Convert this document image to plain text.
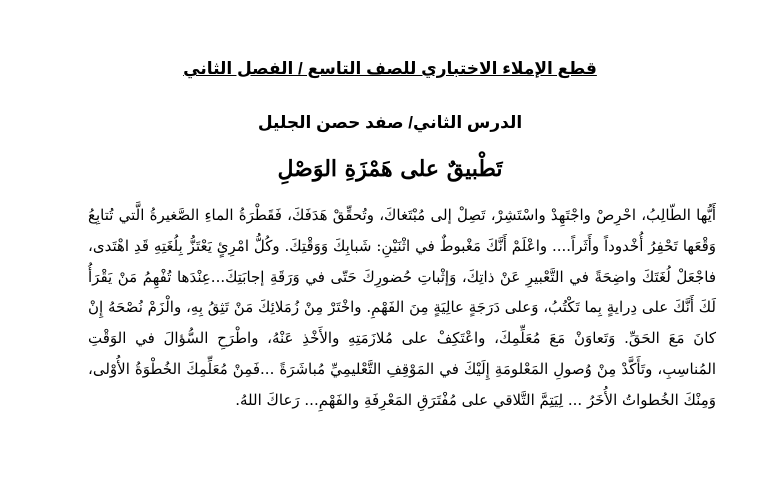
قطع الإملاء الاختباري للصف التاسع / الفصل الثاني
الدرس الثاني/ صفد حصن الجليل
تَطْبيقٌ على هَمْزَةِ الوَصْلِ

أَيُّها الطّالِبُ، احْرِصْ واجْتَهِدْ واسْتَشِرْ، تَصِلْ إلى مُبْتَغاكَ، وتُحقِّقْ هَدَفَكَ، فَقَطْرَةُ الماءِ الصَّغيرةُ الَّتي تُتابِعُ وَقْعَها تَحْفِرُ أُخْدوداً وأَثَراً.... واعْلَمْ أَنَّكَ مَغْبوطٌ في اثْنَيْنِ: شَبابِكَ وَوَقْتِكَ. وكُلُّ امْرِئٍ يَعْتَزُّ بِلُغَتِهِ قَدِ اهْتَدى، فاجْعَلْ لُغَتَكَ واضِحَةً في التَّعْبيرِ عَنْ ذاتِكَ، وَإثْباتِ حُضورِكَ حَتّى في وَرَقَةِ إجابَتِكَ...عِنْدَها تُفْهِمُ مَنْ يَقْرَأُ لَكَ أَنَّكَ على دِرايةٍ بِما تَكْتُبُ، وَعلى دَرَجَةٍ عالِيَةٍ مِنَ الفَهْمِ. واخْتَرْ مِنْ زُمَلائِكَ مَنْ تَثِقُ بِهِ، والْزَمْ نُصْحَهُ إِنْ كانَ مَعَ الحَقِّ. وَتَعاوَنْ مَعَ مُعَلِّمِكَ، واعْتَكِفْ على مُلازَمَتِهِ والأَخْذِ عَنْهُ، واطْرَحِ السُّؤالَ في الوَقْتِ المُناسِبِ، وتَأَكَّدْ مِنْ وُصولِ المَعْلومَةِ إِلَيْكَ في المَوْقِفِ التَّعْليمِيِّ مُباشَرَةً ...فَمِنْ مُعَلِّمِكَ الخُطْوَةُ الأُوْلى، وَمِنْكَ الخُطواتُ الأُخَرُ ... لِيَتِمَّ التَّلاقي على مُفْتَرَقِ المَعْرِفَةِ والفَهْمِ... رَعاكَ اللهُ.
